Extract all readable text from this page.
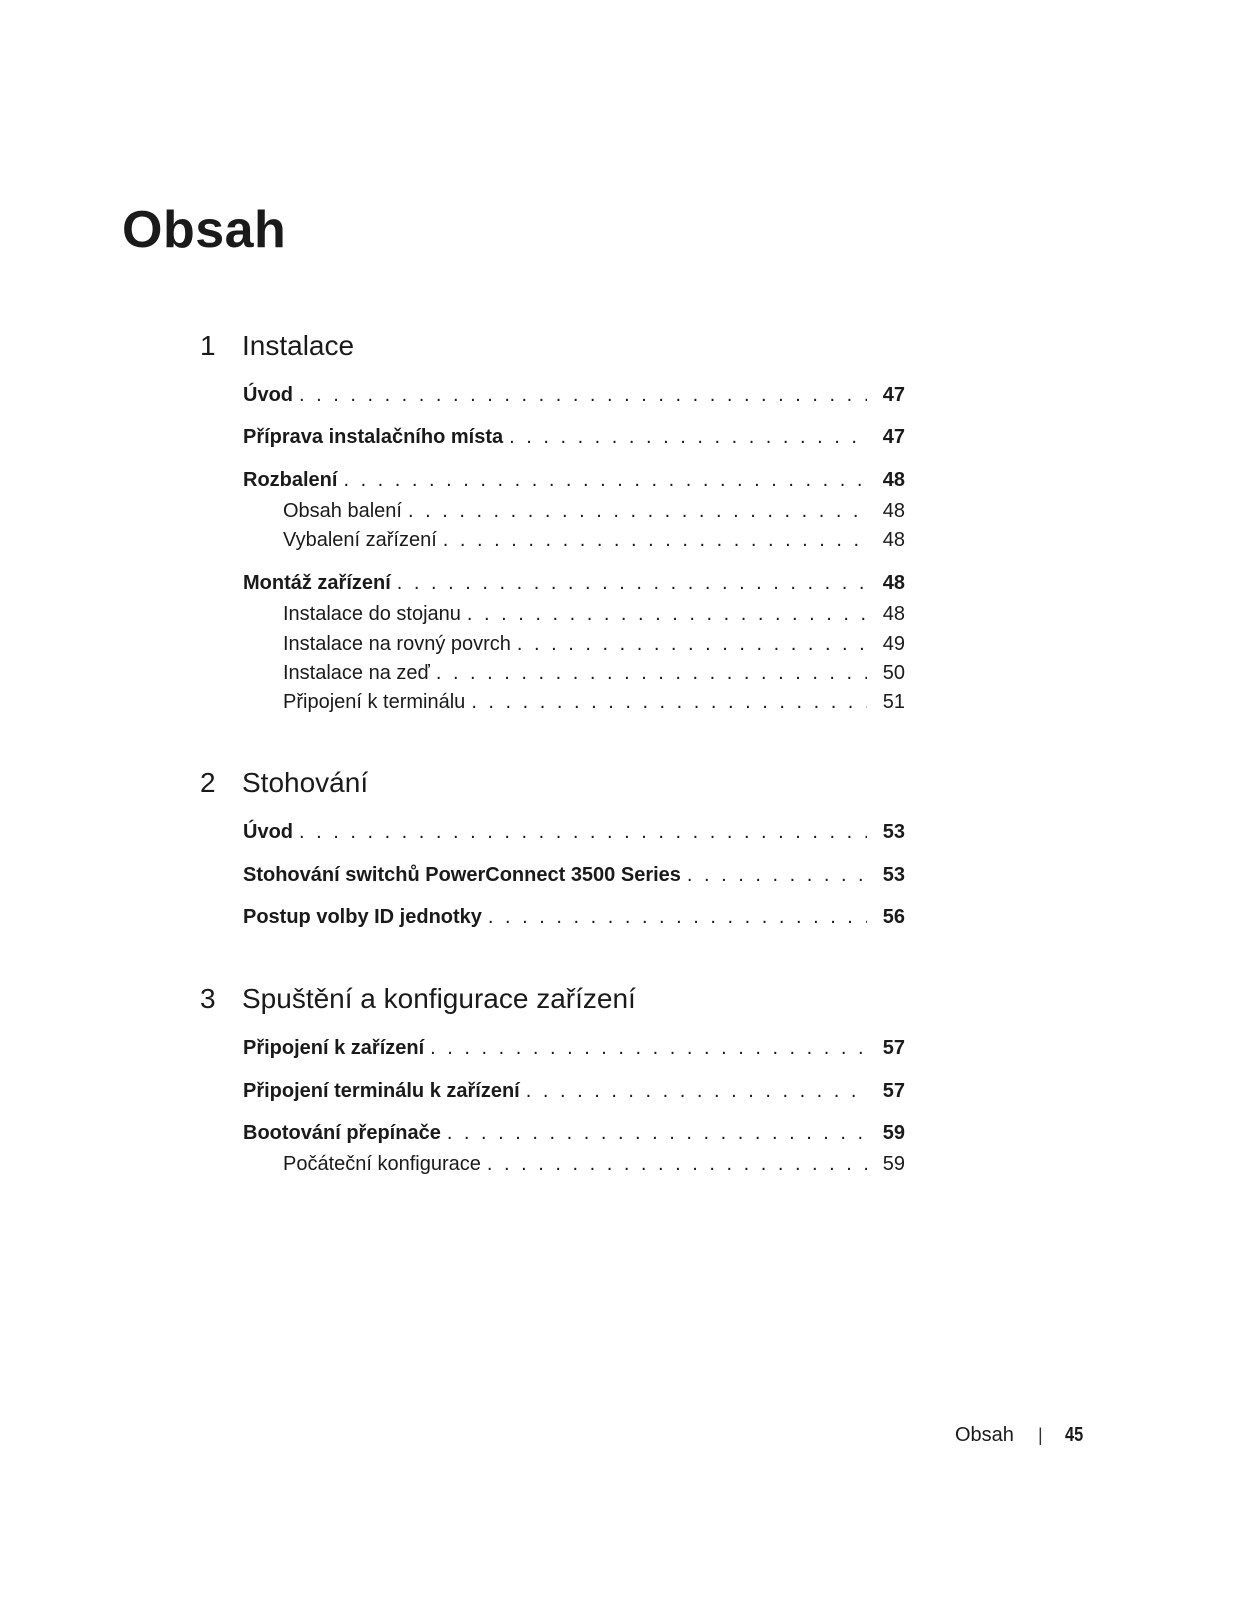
Obsah
1 Instalace
Úvod . . .	47
Příprava instalačního místa . . .	47
Rozbalení . . .	48
Obsah balení . . .	48
Vybalení zařízení . . .	48
Montáž zařízení . . .	48
Instalace do stojanu . . .	48
Instalace na rovný povrch . . .	49
Instalace na zeď . . .	50
Připojení k terminálu . . .	51
2 Stohování
Úvod . . .	53
Stohování switchů PowerConnect 3500 Series . . .	53
Postup volby ID jednotky . . .	56
3 Spuštění a konfigurace zařízení
Připojení k zařízení . . .	57
Připojení terminálu k zařízení . . .	57
Bootování přepínače . . .	59
Počáteční konfigurace . . .	59
Obsah | 45
